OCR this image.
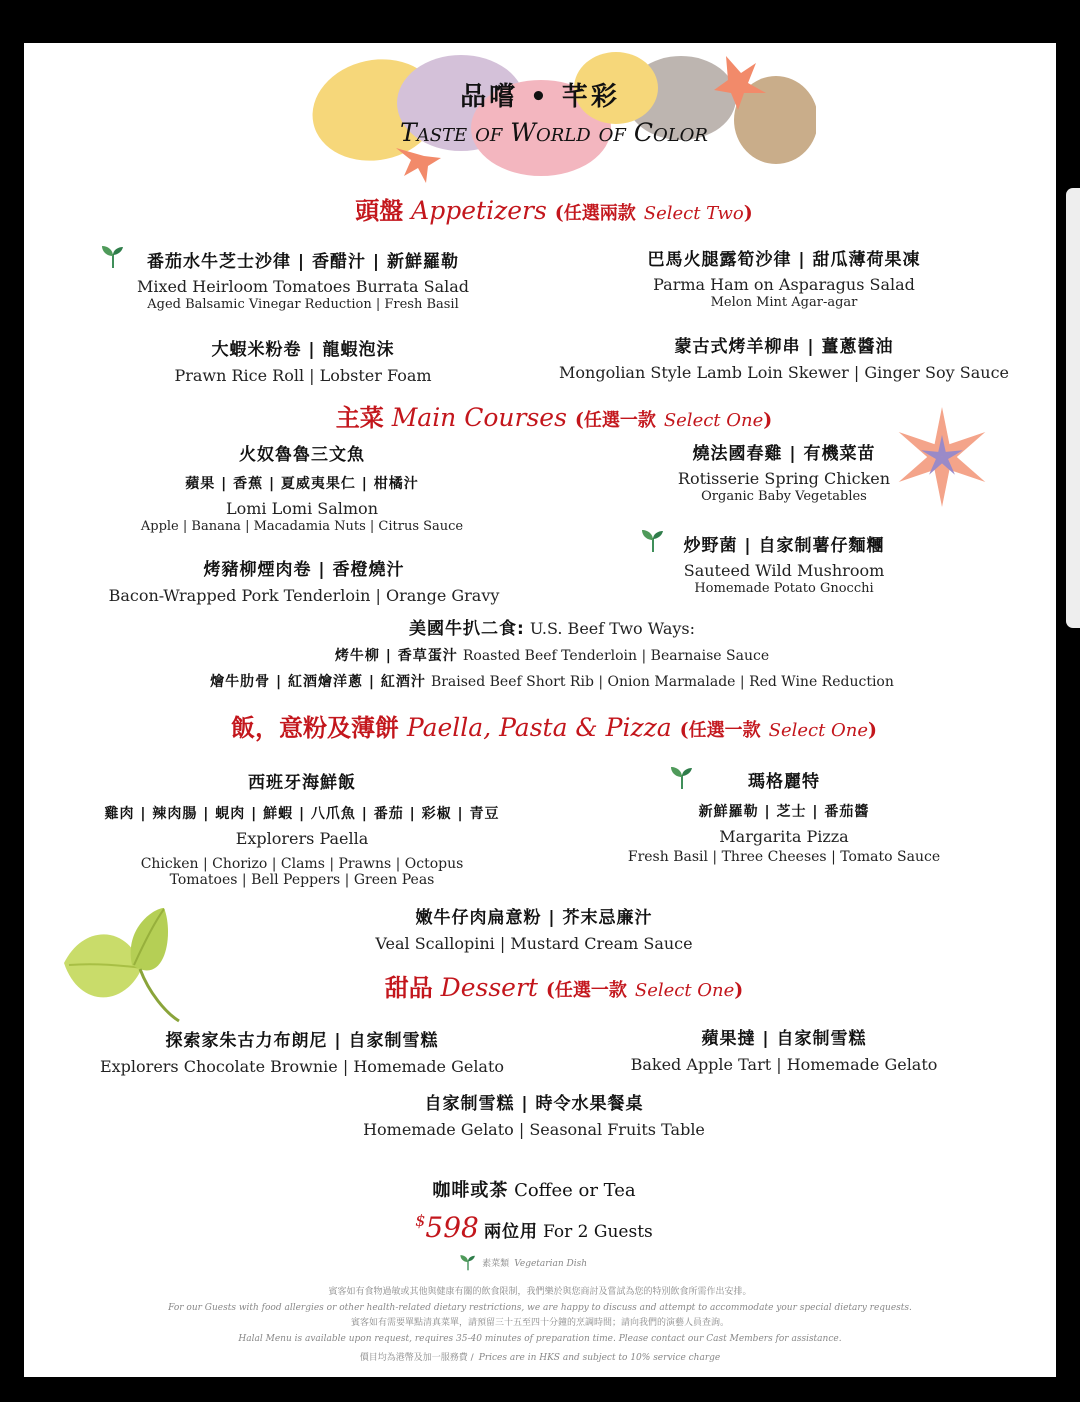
品嚐 • 芊彩
Taste of World of Color
頭盤 Appetizers (任選兩款 Select Two)
番茄水牛芝士沙律 | 香醋汁 | 新鮮羅勒
Mixed Heirloom Tomatoes Burrata Salad
Aged Balsamic Vinegar Reduction | Fresh Basil
巴馬火腿露筍沙律 | 甜瓜薄荷果凍
Parma Ham on Asparagus Salad
Melon Mint Agar-agar
大蝦米粉卷 | 龍蝦泡沫
Prawn Rice Roll | Lobster Foam
蒙古式烤羊柳串 | 薑蔥醬油
Mongolian Style Lamb Loin Skewer | Ginger Soy Sauce
主菜 Main Courses (任選一款 Select One)
火奴魯魯三文魚
蘋果 | 香蕉 | 夏威夷果仁 | 柑橘汁
Lomi Lomi Salmon
Apple | Banana | Macadamia Nuts | Citrus Sauce
燒法國春雞 | 有機菜苗
Rotisserie Spring Chicken
Organic Baby Vegetables
炒野菌 | 自家制薯仔麵糰
Sauteed Wild Mushroom
Homemade Potato Gnocchi
烤豬柳煙肉卷 | 香橙燒汁
Bacon-Wrapped Pork Tenderloin | Orange Gravy
美國牛扒二食: U.S. Beef Two Ways:
烤牛柳 | 香草蛋汁 Roasted Beef Tenderloin | Bearnaise Sauce
燴牛肋骨 | 紅酒燴洋蔥 | 紅酒汁 Braised Beef Short Rib | Onion Marmalade | Red Wine Reduction
飯，意粉及薄餅 Paella, Pasta & Pizza (任選一款 Select One)
西班牙海鮮飯
雞肉 | 辣肉腸 | 蜆肉 | 鮮蝦 | 八爪魚 | 番茄 | 彩椒 | 青豆
Explorers Paella
Chicken | Chorizo | Clams | Prawns | Octopus
Tomatoes | Bell Peppers | Green Peas
瑪格麗特
新鮮羅勒 | 芝士 | 番茄醬
Margarita Pizza
Fresh Basil | Three Cheeses | Tomato Sauce
嫩牛仔肉扁意粉 | 芥末忌廉汁
Veal Scallopini | Mustard Cream Sauce
甜品 Dessert (任選一款 Select One)
探索家朱古力布朗尼 | 自家制雪糕
Explorers Chocolate Brownie | Homemade Gelato
蘋果撻 | 自家制雪糕
Baked Apple Tart | Homemade Gelato
自家制雪糕 | 時令水果餐桌
Homemade Gelato | Seasonal Fruits Table
咖啡或茶 Coffee or Tea
$598 兩位用 For 2 Guests
素菜類 Vegetarian Dish
賓客如有食物過敏或其他與健康有關的飲食限制，我們樂於與您商討及嘗試為您的特別飲食所需作出安排。
For our Guests with food allergies or other health-related dietary restrictions, we are happy to discuss and attempt to accommodate your special dietary requests.
賓客如有需要單點清真菜單，請預留三十五至四十分鐘的烹調時間；請向我們的演藝人員查詢。
Halal Menu is available upon request, requires 35-40 minutes of preparation time. Please contact our Cast Members for assistance.
價目均為港幣及加一服務費 / Prices are in HKS and subject to 10% service charge
